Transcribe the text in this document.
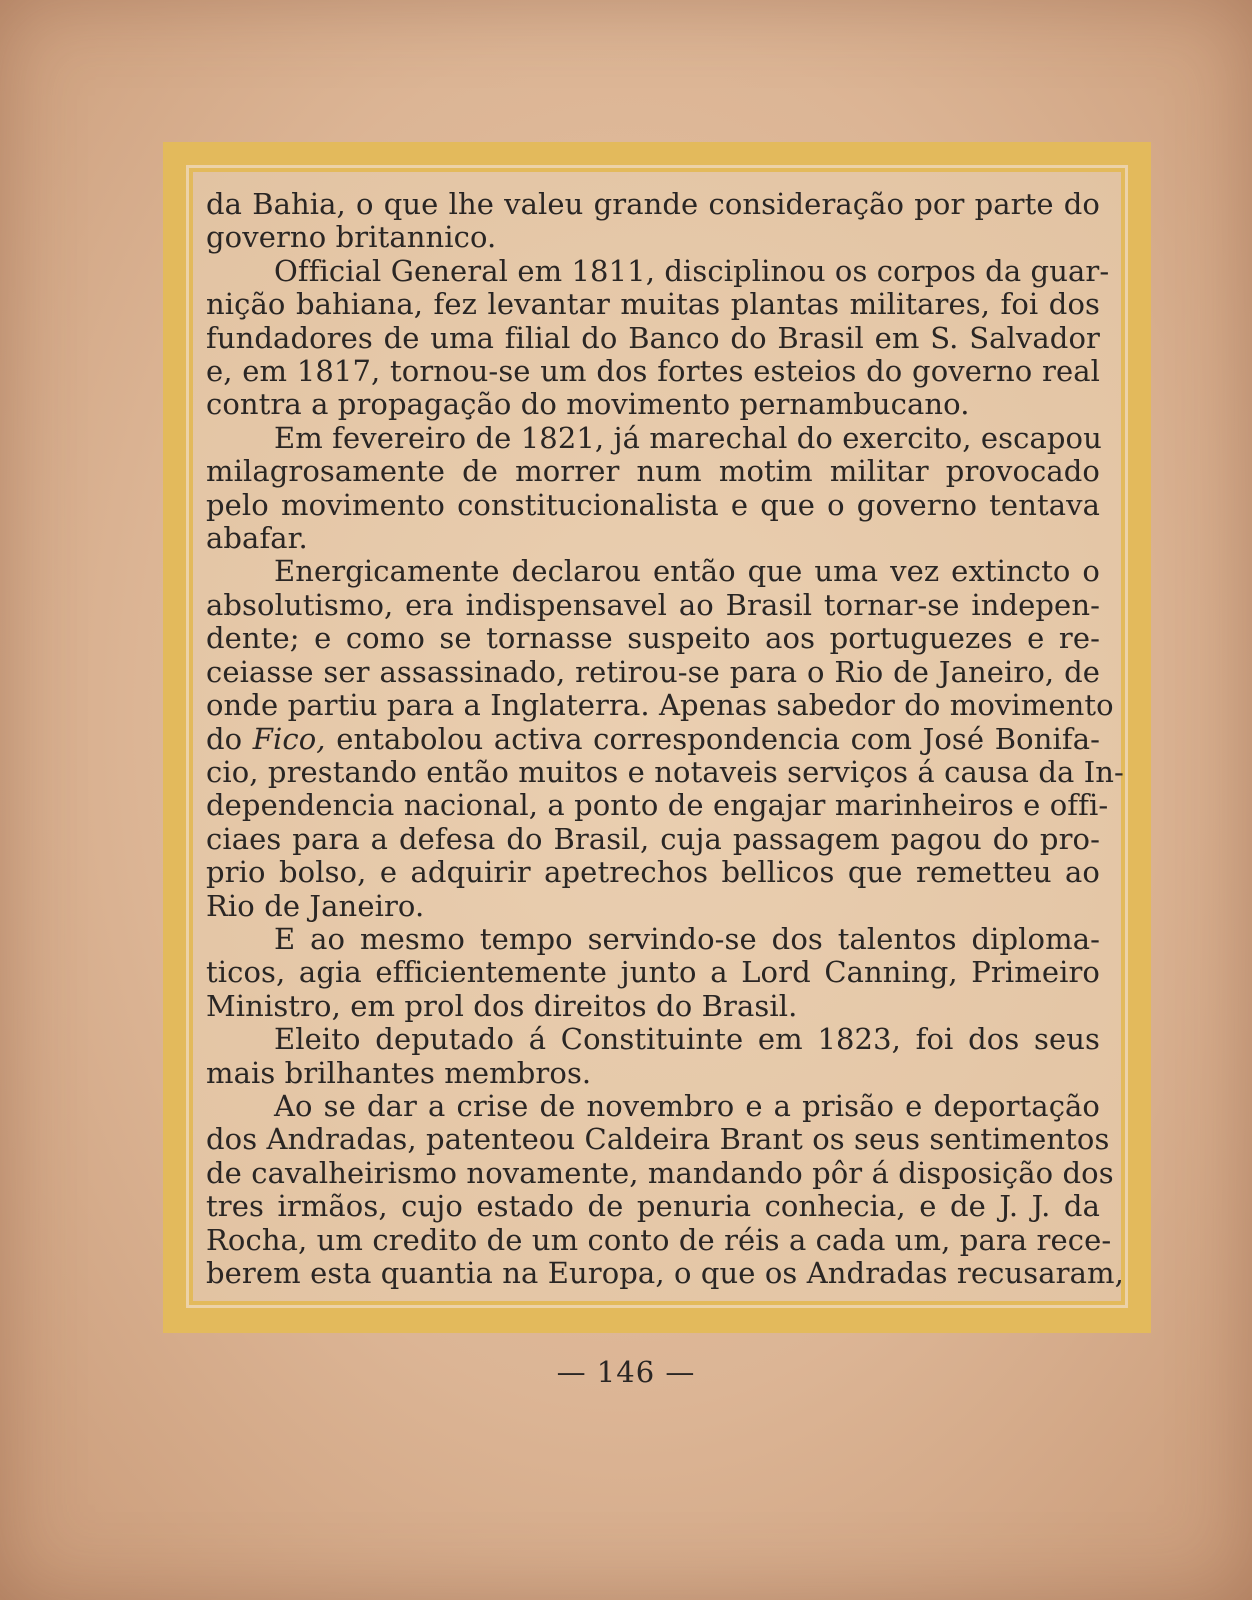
da Bahia, o que lhe valeu grande consideração por parte do
governo britannico.
Official General em 1811, disciplinou os corpos da guar-
nição bahiana, fez levantar muitas plantas militares, foi dos
fundadores de uma filial do Banco do Brasil em S. Salvador
e, em 1817, tornou-se um dos fortes esteios do governo real
contra a propagação do movimento pernambucano.
Em fevereiro de 1821, já marechal do exercito, escapou
milagrosamente de morrer num motim militar provocado
pelo movimento constitucionalista e que o governo tentava
abafar.
Energicamente declarou então que uma vez extincto o
absolutismo, era indispensavel ao Brasil tornar-se indepen-
dente; e como se tornasse suspeito aos portuguezes e re-
ceiasse ser assassinado, retirou-se para o Rio de Janeiro, de
onde partiu para a Inglaterra. Apenas sabedor do movimento
do Fico, entabolou activa correspondencia com José Bonifa-
cio, prestando então muitos e notaveis serviços á causa da In-
dependencia nacional, a ponto de engajar marinheiros e offi-
ciaes para a defesa do Brasil, cuja passagem pagou do pro-
prio bolso, e adquirir apetrechos bellicos que remetteu ao
Rio de Janeiro.
E ao mesmo tempo servindo-se dos talentos diploma-
ticos, agia efficientemente junto a Lord Canning, Primeiro
Ministro, em prol dos direitos do Brasil.
Eleito deputado á Constituinte em 1823, foi dos seus
mais brilhantes membros.
Ao se dar a crise de novembro e a prisão e deportação
dos Andradas, patenteou Caldeira Brant os seus sentimentos
de cavalheirismo novamente, mandando pôr á disposição dos
tres irmãos, cujo estado de penuria conhecia, e de J. J. da
Rocha, um credito de um conto de réis a cada um, para rece-
berem esta quantia na Europa, o que os Andradas recusaram,
— 146 —
